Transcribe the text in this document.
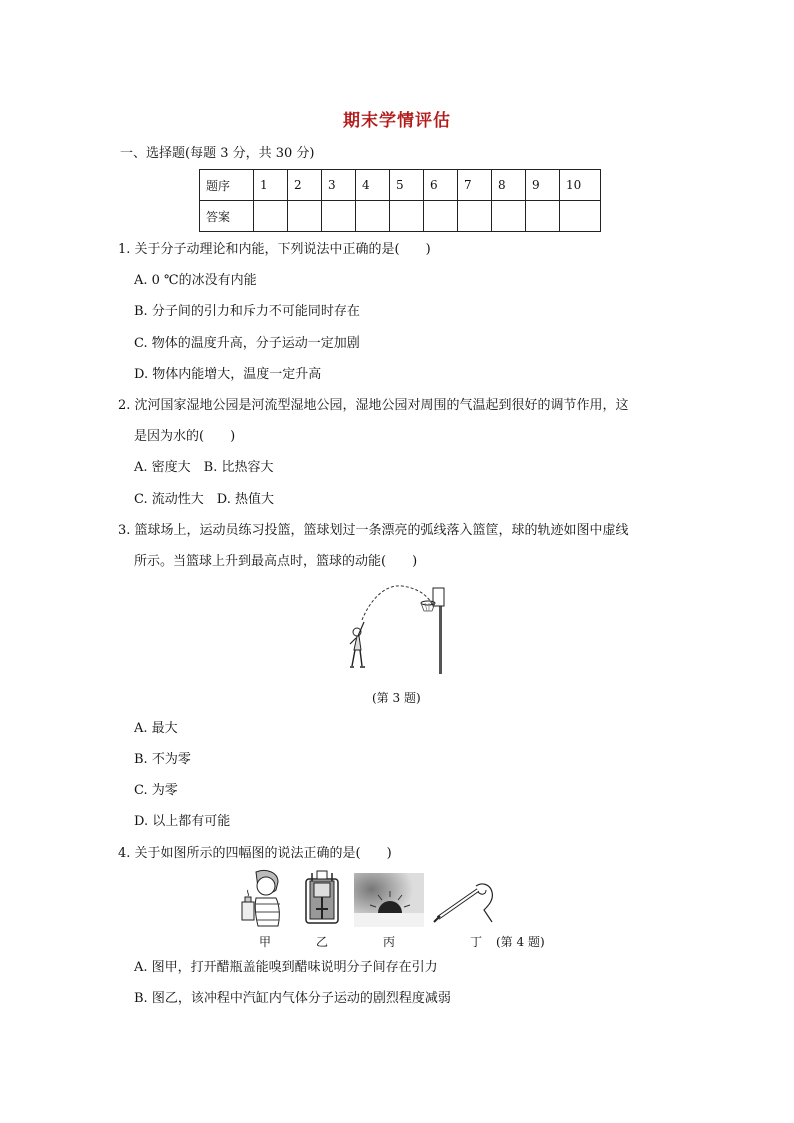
期末学情评估
一、选择题(每题 3 分，共 30 分)
题序	1	2	3	4	5	6	7	8	9	10
答案										
1. 关于分子动理论和内能，下列说法中正确的是(　　)
A. 0 ℃的冰没有内能
B. 分子间的引力和斥力不可能同时存在
C. 物体的温度升高，分子运动一定加剧
D. 物体内能增大，温度一定升高
2. 沈河国家湿地公园是河流型湿地公园，湿地公园对周围的气温起到很好的调节作用，这
是因为水的(　　)
A. 密度大　B. 比热容大
C. 流动性大　D. 热值大
3. 篮球场上，运动员练习投篮，篮球划过一条漂亮的弧线落入篮筐，球的轨迹如图中虚线
所示。当篮球上升到最高点时，篮球的动能(　　)
(第 3 题)
A. 最大
B. 不为零
C. 为零
D. 以上都有可能
4. 关于如图所示的四幅图的说法正确的是(　　)
甲	乙	丙	丁 (第 4 题)
A. 图甲，打开醋瓶盖能嗅到醋味说明分子间存在引力
B. 图乙，该冲程中汽缸内气体分子运动的剧烈程度减弱
